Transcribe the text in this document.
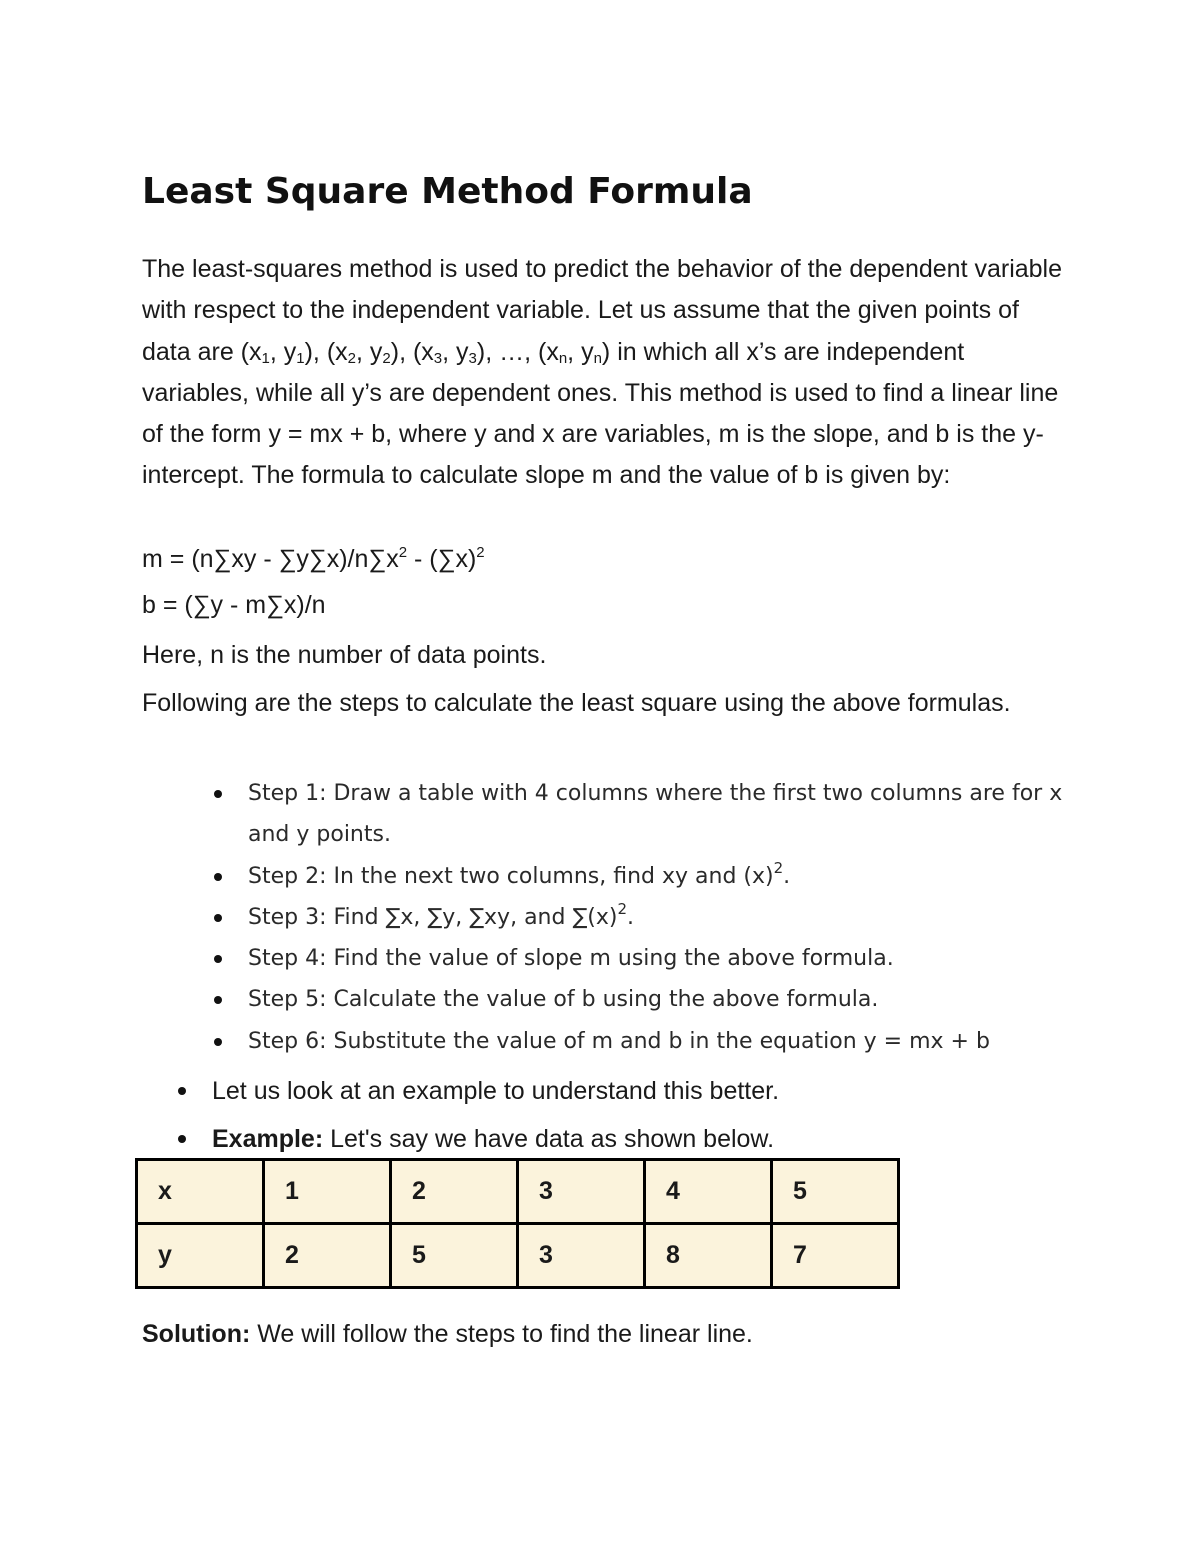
Least Square Method Formula

The least-squares method is used to predict the behavior of the dependent variable with respect to the independent variable. Let us assume that the given points of data are ($x_1$, $y_1$), ($x_2$, $y_2$), ($x_3$, $y_3$), …, ($x_n$, $y_n$) in which all x’s are independent variables, while all y’s are dependent ones. This method is used to find a linear line of the form y = mx + b, where y and x are variables, m is the slope, and b is the y-intercept. The formula to calculate slope m and the value of b is given by:

$m = (n\sum xy - \sum y\sum x)/n\sum x^2 - (\sum x)^2$
b = (∑y - m∑x)/n

Here, n is the number of data points.

Following are the steps to calculate the least square using the above formulas.

Step 1: Draw a table with 4 columns where the first two columns are for x and y points.
Step 2: In the next two columns, find xy and $(x)^2$.
Step 3: Find ∑x, ∑y, ∑xy, and $\sum(x)^2$.
Step 4: Find the value of slope m using the above formula.
Step 5: Calculate the value of b using the above formula.
Step 6: Substitute the value of m and b in the equation y = mx + b
Let us look at an example to understand this better.
Example: Let's say we have data as shown below.
x	1	2	3	4	5
y	2	5	3	8	7
Solution: We will follow the steps to find the linear line.
